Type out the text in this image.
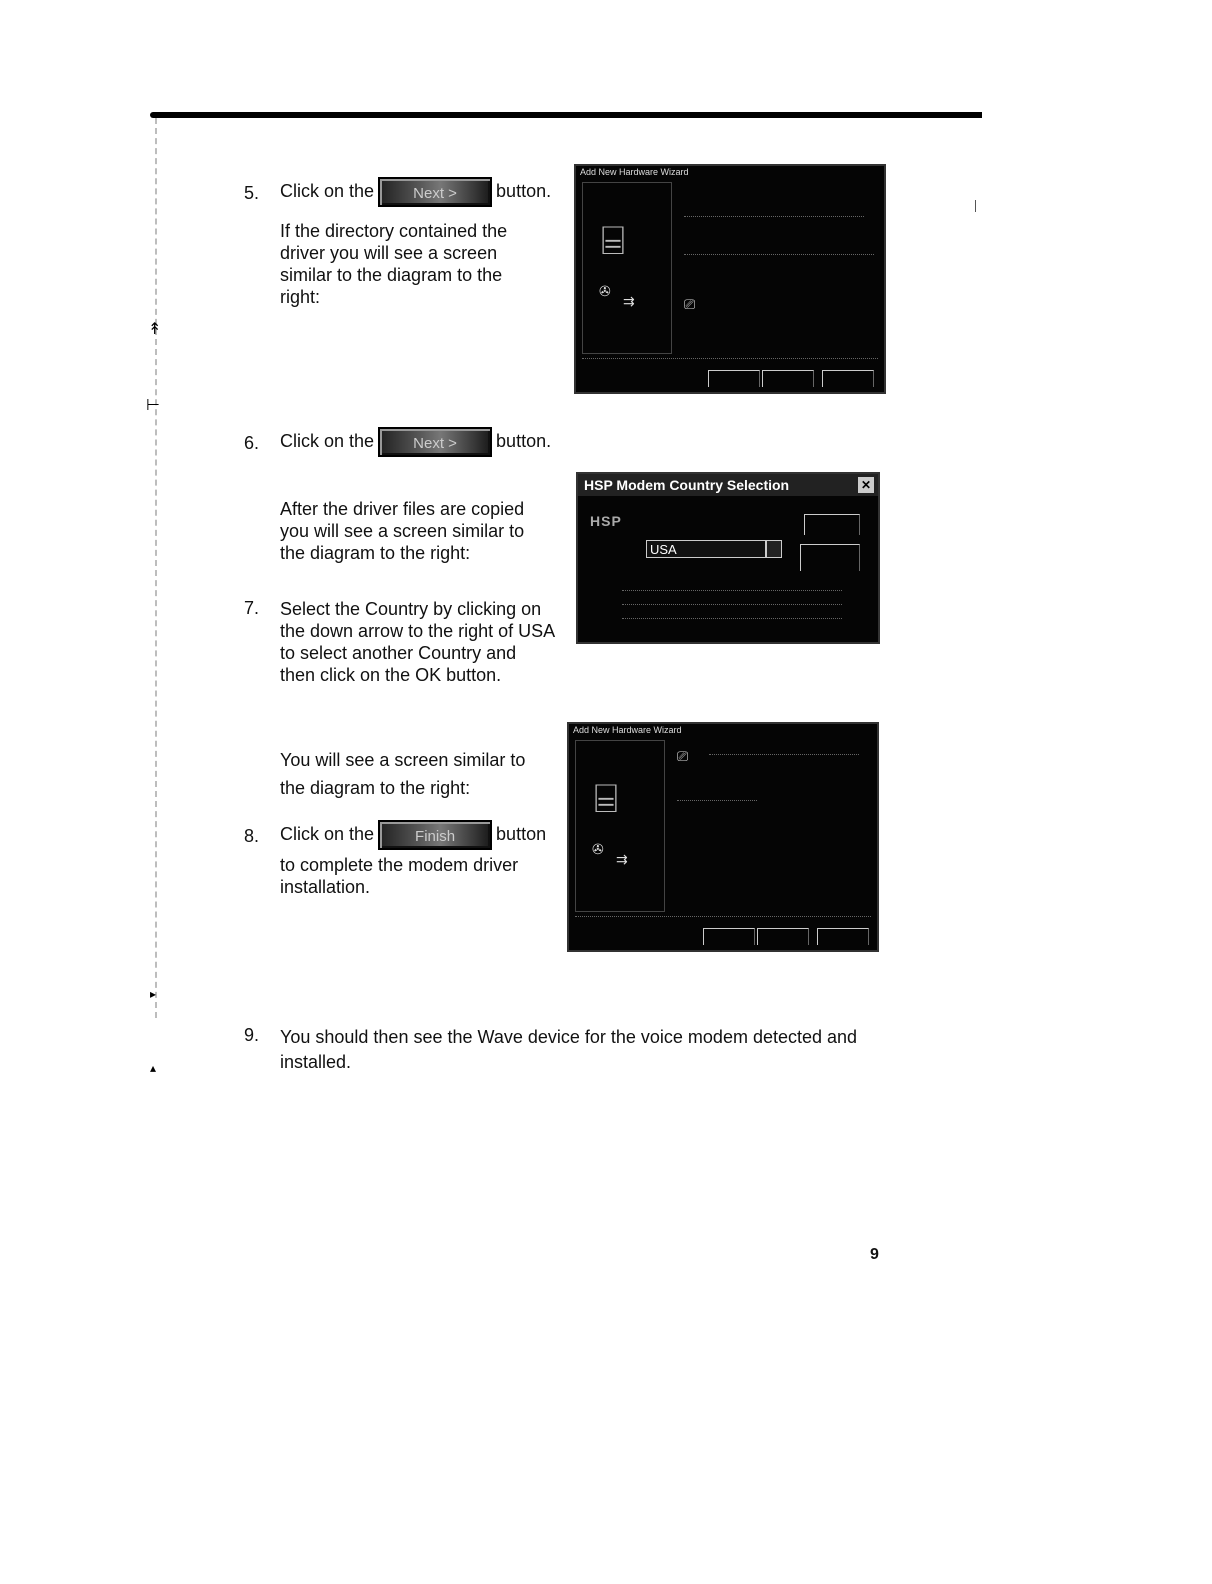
↟
⊢
▸
▴
5. Click on the	Next > button.
If the directory contained the driver you will see a screen similar to the diagram to the right:
Add New Hardware Wizard
⌸
✇
⇉	⎚
6. Click on the	Next > button.
After the driver files are copied you will see a screen similar to the diagram to the right:
HSP Modem Country Selection	✕
HSP
USA
7. Select the Country by clicking on the down arrow to the right of USA to select another Country and then click on the OK button.
You will see a screen similar to the diagram to the right:
8. Click on the	Finish button
to complete the modem driver installation.
Add New Hardware Wizard
⌸
✇
⇉
⎚
9. You should then see the Wave device for the voice modem detected and installed.
9
